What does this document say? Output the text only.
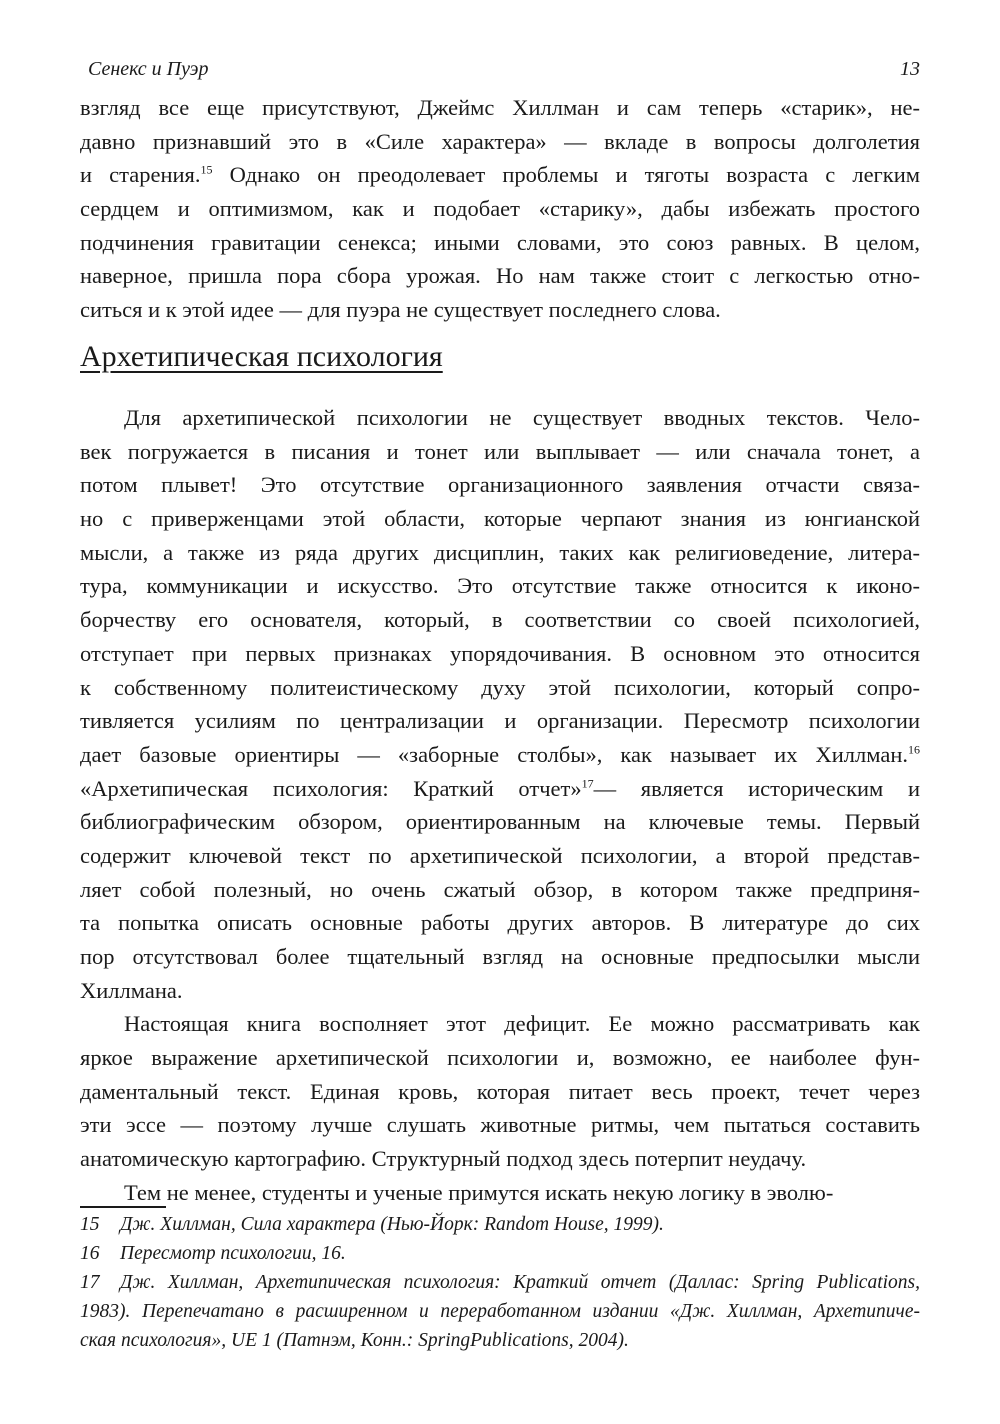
Сенекс и Пуэр	13
взгляд все еще присутствуют, Джеймс Хиллман и сам теперь «старик», не-
давно признавший это в «Силе характера» — вкладе в вопросы долголетия
и старения.$^{15}$ Однако он преодолевает проблемы и тяготы возраста с легким
сердцем и оптимизмом, как и подобает «старику», дабы избежать простого
подчинения гравитации сенекса; иными словами, это союз равных. В целом,
наверное, пришла пора сбора урожая. Но нам также стоит с легкостью отно-
ситься и к этой идее — для пуэра не существует последнего слова.
Архетипическая психология
Для архетипической психологии не существует вводных текстов. Чело-
век погружается в писания и тонет или выплывает — или сначала тонет, а
потом плывет! Это отсутствие организационного заявления отчасти связа-
но с приверженцами этой области, которые черпают знания из юнгианской
мысли, а также из ряда других дисциплин, таких как религиоведение, литера-
тура, коммуникации и искусство. Это отсутствие также относится к иконо-
борчеству его основателя, который, в соответствии со своей психологией,
отступает при первых признаках упорядочивания. В основном это относится
к собственному политеистическому духу этой психологии, который сопро-
тивляется усилиям по централизации и организации. Пересмотр психологии
дает базовые ориентиры — «заборные столбы», как называет их Хиллман.$^{16}$
«Архетипическая психология: Краткий отчет»$^{17}$— является историческим и
библиографическим обзором, ориентированным на ключевые темы. Первый
содержит ключевой текст по архетипической психологии, а второй представ-
ляет собой полезный, но очень сжатый обзор, в котором также предприня-
та попытка описать основные работы других авторов. В литературе до сих
пор отсутствовал более тщательный взгляд на основные предпосылки мысли
Хиллмана.
Настоящая книга восполняет этот дефицит. Ее можно рассматривать как
яркое выражение архетипической психологии и, возможно, ее наиболее фун-
даментальный текст. Единая кровь, которая питает весь проект, течет через
эти эссе — поэтому лучше слушать животные ритмы, чем пытаться составить
анатомическую картографию. Структурный подход здесь потерпит неудачу.
Тем не менее, студенты и ученые примутся искать некую логику в эволю-
15 Дж. Хиллман, Сила характера (Нью-Йорк: Random House, 1999).
16 Пересмотр психологии, 16.
17 Дж. Хиллман, Архетипическая психология: Краткий отчет (Даллас: Spring Publications,
1983). Перепечатано в расширенном и переработанном издании «Дж. Хиллман, Архетипиче-
ская психология», UE 1 (Патнэм, Конн.: SpringPublications, 2004).
